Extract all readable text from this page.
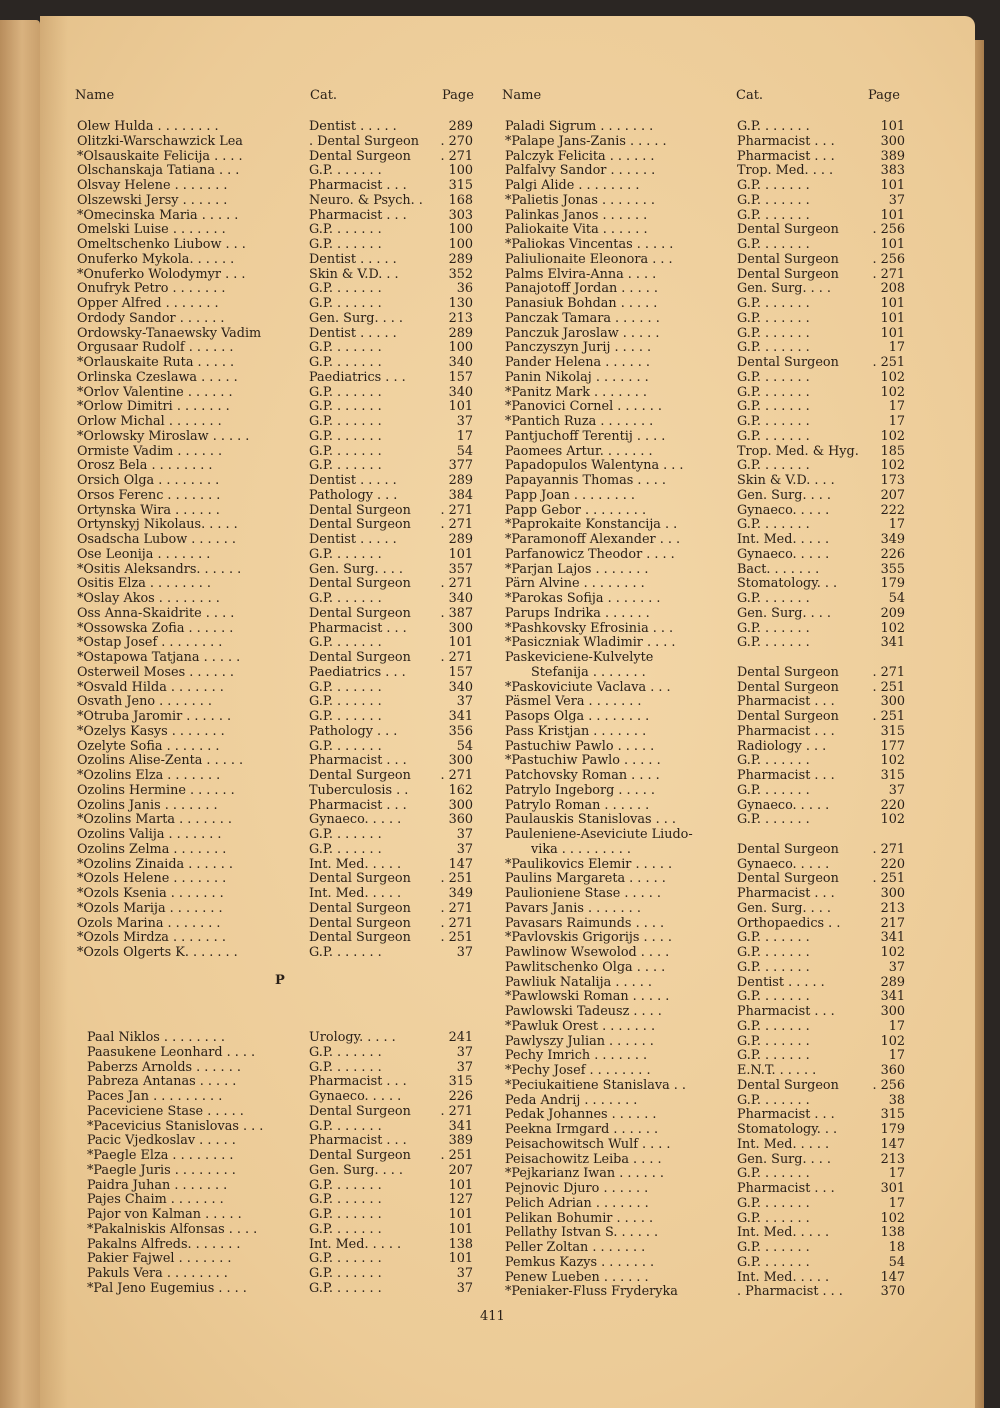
Name	Cat.	Page Name	Cat.	Page
Olew Hulda . . . . . . . .	Dentist . . . . .	289
Olitzki-Warschawzick Lea	. Dental Surgeon	. 270
*Olsauskaite Felicija . . . .	Dental Surgeon	. 271
Olschanskaja Tatiana . . .	G.P. . . . . . .	100
Olsvay Helene . . . . . . .	Pharmacist . . .	315
Olszewski Jersy . . . . . .	Neuro. & Psych. .	168
*Omecinska Maria . . . . .	Pharmacist . . .	303
Omelski Luise . . . . . . .	G.P. . . . . . .	100
Omeltschenko Liubow . . .	G.P. . . . . . .	100
Onuferko Mykola. . . . . .	Dentist . . . . .	289
*Onuferko Wolodymyr . . .	Skin & V.D. . .	352
Onufryk Petro . . . . . . .	G.P. . . . . . .	36
Opper Alfred . . . . . . .	G.P. . . . . . .	130
Ordody Sandor . . . . . .	Gen. Surg. . . .	213
Ordowsky-Tanaewsky Vadim	Dentist . . . . .	289
Orgusaar Rudolf . . . . . .	G.P. . . . . . .	100
*Orlauskaite Ruta . . . . .	G.P. . . . . . .	340
Orlinska Czeslawa . . . . .	Paediatrics . . .	157
*Orlov Valentine . . . . . .	G.P. . . . . . .	340
*Orlow Dimitri . . . . . . .	G.P. . . . . . .	101
Orlow Michal . . . . . . .	G.P. . . . . . .	37
*Orlowsky Miroslaw . . . . .	G.P. . . . . . .	17
Ormiste Vadim . . . . . .	G.P. . . . . . .	54
Orosz Bela . . . . . . . .	G.P. . . . . . .	377
Orsich Olga . . . . . . . .	Dentist . . . . .	289
Orsos Ferenc . . . . . . .	Pathology . . .	384
Ortynska Wira . . . . . .	Dental Surgeon	. 271
Ortynskyj Nikolaus. . . . .	Dental Surgeon	. 271
Osadscha Lubow . . . . . .	Dentist . . . . .	289
Ose Leonija . . . . . . .	G.P. . . . . . .	101
*Ositis Aleksandrs. . . . . .	Gen. Surg. . . .	357
Ositis Elza . . . . . . . .	Dental Surgeon	. 271
*Oslay Akos . . . . . . . .	G.P. . . . . . .	340
Oss Anna-Skaidrite . . . .	Dental Surgeon	. 387
*Ossowska Zofia . . . . . .	Pharmacist . . .	300
*Ostap Josef . . . . . . . .	G.P. . . . . . .	101
*Ostapowa Tatjana . . . . .	Dental Surgeon	. 271
Osterweil Moses . . . . . .	Paediatrics . . .	157
*Osvald Hilda . . . . . . .	G.P. . . . . . .	340
Osvath Jeno . . . . . . .	G.P. . . . . . .	37
*Otruba Jaromir . . . . . .	G.P. . . . . . .	341
*Ozelys Kasys . . . . . . .	Pathology . . .	356
Ozelyte Sofia . . . . . . .	G.P. . . . . . .	54
Ozolins Alise-Zenta . . . . .	Pharmacist . . .	300
*Ozolins Elza . . . . . . .	Dental Surgeon	. 271
Ozolins Hermine . . . . . .	Tuberculosis . .	162
Ozolins Janis . . . . . . .	Pharmacist . . .	300
*Ozolins Marta . . . . . . .	Gynaeco. . . . .	360
Ozolins Valija . . . . . . .	G.P. . . . . . .	37
Ozolins Zelma . . . . . . .	G.P. . . . . . .	37
*Ozolins Zinaida . . . . . .	Int. Med. . . . .	147
*Ozols Helene . . . . . . .	Dental Surgeon	. 251
*Ozols Ksenia . . . . . . .	Int. Med. . . . .	349
*Ozols Marija . . . . . . .	Dental Surgeon	. 271
Ozols Marina . . . . . . .	Dental Surgeon	. 271
*Ozols Mirdza . . . . . . .	Dental Surgeon	. 251
*Ozols Olgerts K. . . . . . .	G.P. . . . . . .	37
P
Paal Niklos . . . . . . . .	Urology. . . . .	241
Paasukene Leonhard . . . .	G.P. . . . . . .	37
Paberzs Arnolds . . . . . .	G.P. . . . . . .	37
Pabreza Antanas . . . . .	Pharmacist . . .	315
Paces Jan . . . . . . . . .	Gynaeco. . . . .	226
Paceviciene Stase . . . . .	Dental Surgeon	. 271
*Pacevicius Stanislovas . . .	G.P. . . . . . .	341
Pacic Vjedkoslav . . . . .	Pharmacist . . .	389
*Paegle Elza . . . . . . . .	Dental Surgeon	. 251
*Paegle Juris . . . . . . . .	Gen. Surg. . . .	207
Paidra Juhan . . . . . . .	G.P. . . . . . .	101
Pajes Chaim . . . . . . .	G.P. . . . . . .	127
Pajor von Kalman . . . . .	G.P. . . . . . .	101
*Pakalniskis Alfonsas . . . .	G.P. . . . . . .	101
Pakalns Alfreds. . . . . . .	Int. Med. . . . .	138
Pakier Fajwel . . . . . . .	G.P. . . . . . .	101
Pakuls Vera . . . . . . . .	G.P. . . . . . .	37
*Pal Jeno Eugemius . . . .	G.P. . . . . . .	37
Paladi Sigrum . . . . . . .	G.P. . . . . . .	101
*Palape Jans-Zanis . . . . .	Pharmacist . . .	300
Palczyk Felicita . . . . . .	Pharmacist . . .	389
Palfalvy Sandor . . . . . .	Trop. Med. . . .	383
Palgi Alide . . . . . . . .	G.P. . . . . . .	101
*Palietis Jonas . . . . . . .	G.P. . . . . . .	37
Palinkas Janos . . . . . .	G.P. . . . . . .	101
Paliokaite Vita . . . . . .	Dental Surgeon	. 256
*Paliokas Vincentas . . . . .	G.P. . . . . . .	101
Paliulionaite Eleonora . . .	Dental Surgeon	. 256
Palms Elvira-Anna . . . .	Dental Surgeon	. 271
Panajotoff Jordan . . . . .	Gen. Surg. . . .	208
Panasiuk Bohdan . . . . .	G.P. . . . . . .	101
Panczak Tamara . . . . . .	G.P. . . . . . .	101
Panczuk Jaroslaw . . . . .	G.P. . . . . . .	101
Panczyszyn Jurij . . . . .	G.P. . . . . . .	17
Pander Helena . . . . . .	Dental Surgeon	. 251
Panin Nikolaj . . . . . . .	G.P. . . . . . .	102
*Panitz Mark . . . . . . .	G.P. . . . . . .	102
*Panovici Cornel . . . . . .	G.P. . . . . . .	17
*Pantich Ruza . . . . . . .	G.P. . . . . . .	17
Pantjuchoff Terentij . . . .	G.P. . . . . . .	102
Paomees Artur. . . . . . .	Trop. Med. & Hyg.	185
Papadopulos Walentyna . . .	G.P. . . . . . .	102
Papayannis Thomas . . . .	Skin & V.D. . . .	173
Papp Joan . . . . . . . .	Gen. Surg. . . .	207
Papp Gebor . . . . . . . .	Gynaeco. . . . .	222
*Paprokaite Konstancija . .	G.P. . . . . . .	17
*Paramonoff Alexander . . .	Int. Med. . . . .	349
Parfanowicz Theodor . . . .	Gynaeco. . . . .	226
*Parjan Lajos . . . . . . .	Bact. . . . . . .	355
Pärn Alvine . . . . . . . .	Stomatology. . .	179
*Parokas Sofija . . . . . . .	G.P. . . . . . .	54
Parups Indrika . . . . . .	Gen. Surg. . . .	209
*Pashkovsky Efrosinia . . .	G.P. . . . . . .	102
*Pasiczniak Wladimir . . . .	G.P. . . . . . .	341
Paskeviciene-Kulvelyte
Stefanija . . . . . . .	Dental Surgeon	. 271
*Paskoviciute Vaclava . . .	Dental Surgeon	. 251
Päsmel Vera . . . . . . .	Pharmacist . . .	300
Pasops Olga . . . . . . . .	Dental Surgeon	. 251
Pass Kristjan . . . . . . .	Pharmacist . . .	315
Pastuchiw Pawlo . . . . .	Radiology . . .	177
*Pastuchiw Pawlo . . . . .	G.P. . . . . . .	102
Patchovsky Roman . . . .	Pharmacist . . .	315
Patrylo Ingeborg . . . . .	G.P. . . . . . .	37
Patrylo Roman . . . . . .	Gynaeco. . . . .	220
Paulauskis Stanislovas . . .	G.P. . . . . . .	102
Pauleniene-Aseviciute Liudo-
vika . . . . . . . . .	Dental Surgeon	. 271
*Paulikovics Elemir . . . . .	Gynaeco. . . . .	220
Paulins Margareta . . . . .	Dental Surgeon	. 251
Paulioniene Stase . . . . .	Pharmacist . . .	300
Pavars Janis . . . . . . .	Gen. Surg. . . .	213
Pavasars Raimunds . . . .	Orthopaedics . .	217
*Pavlovskis Grigorijs . . . .	G.P. . . . . . .	341
Pawlinow Wsewolod . . . .	G.P. . . . . . .	102
Pawlitschenko Olga . . . .	G.P. . . . . . .	37
Pawliuk Natalija . . . . .	Dentist . . . . .	289
*Pawlowski Roman . . . . .	G.P. . . . . . .	341
Pawlowski Tadeusz . . . .	Pharmacist . . .	300
*Pawluk Orest . . . . . . .	G.P. . . . . . .	17
Pawlyszy Julian . . . . . .	G.P. . . . . . .	102
Pechy Imrich . . . . . . .	G.P. . . . . . .	17
*Pechy Josef . . . . . . . .	E.N.T. . . . . .	360
*Peciukaitiene Stanislava . .	Dental Surgeon	. 256
Peda Andrij . . . . . . .	G.P. . . . . . .	38
Pedak Johannes . . . . . .	Pharmacist . . .	315
Peekna Irmgard . . . . . .	Stomatology. . .	179
Peisachowitsch Wulf . . . .	Int. Med. . . . .	147
Peisachowitz Leiba . . . .	Gen. Surg. . . .	213
*Pejkarianz Iwan . . . . . .	G.P. . . . . . .	17
Pejnovic Djuro . . . . . .	Pharmacist . . .	301
Pelich Adrian . . . . . . .	G.P. . . . . . .	17
Pelikan Bohumir . . . . .	G.P. . . . . . .	102
Pellathy Istvan S. . . . . .	Int. Med. . . . .	138
Peller Zoltan . . . . . . .	G.P. . . . . . .	18
Pemkus Kazys . . . . . . .	G.P. . . . . . .	54
Penew Lueben . . . . . .	Int. Med. . . . .	147
*Peniaker-Fluss Fryderyka	. Pharmacist . . .	370
411
